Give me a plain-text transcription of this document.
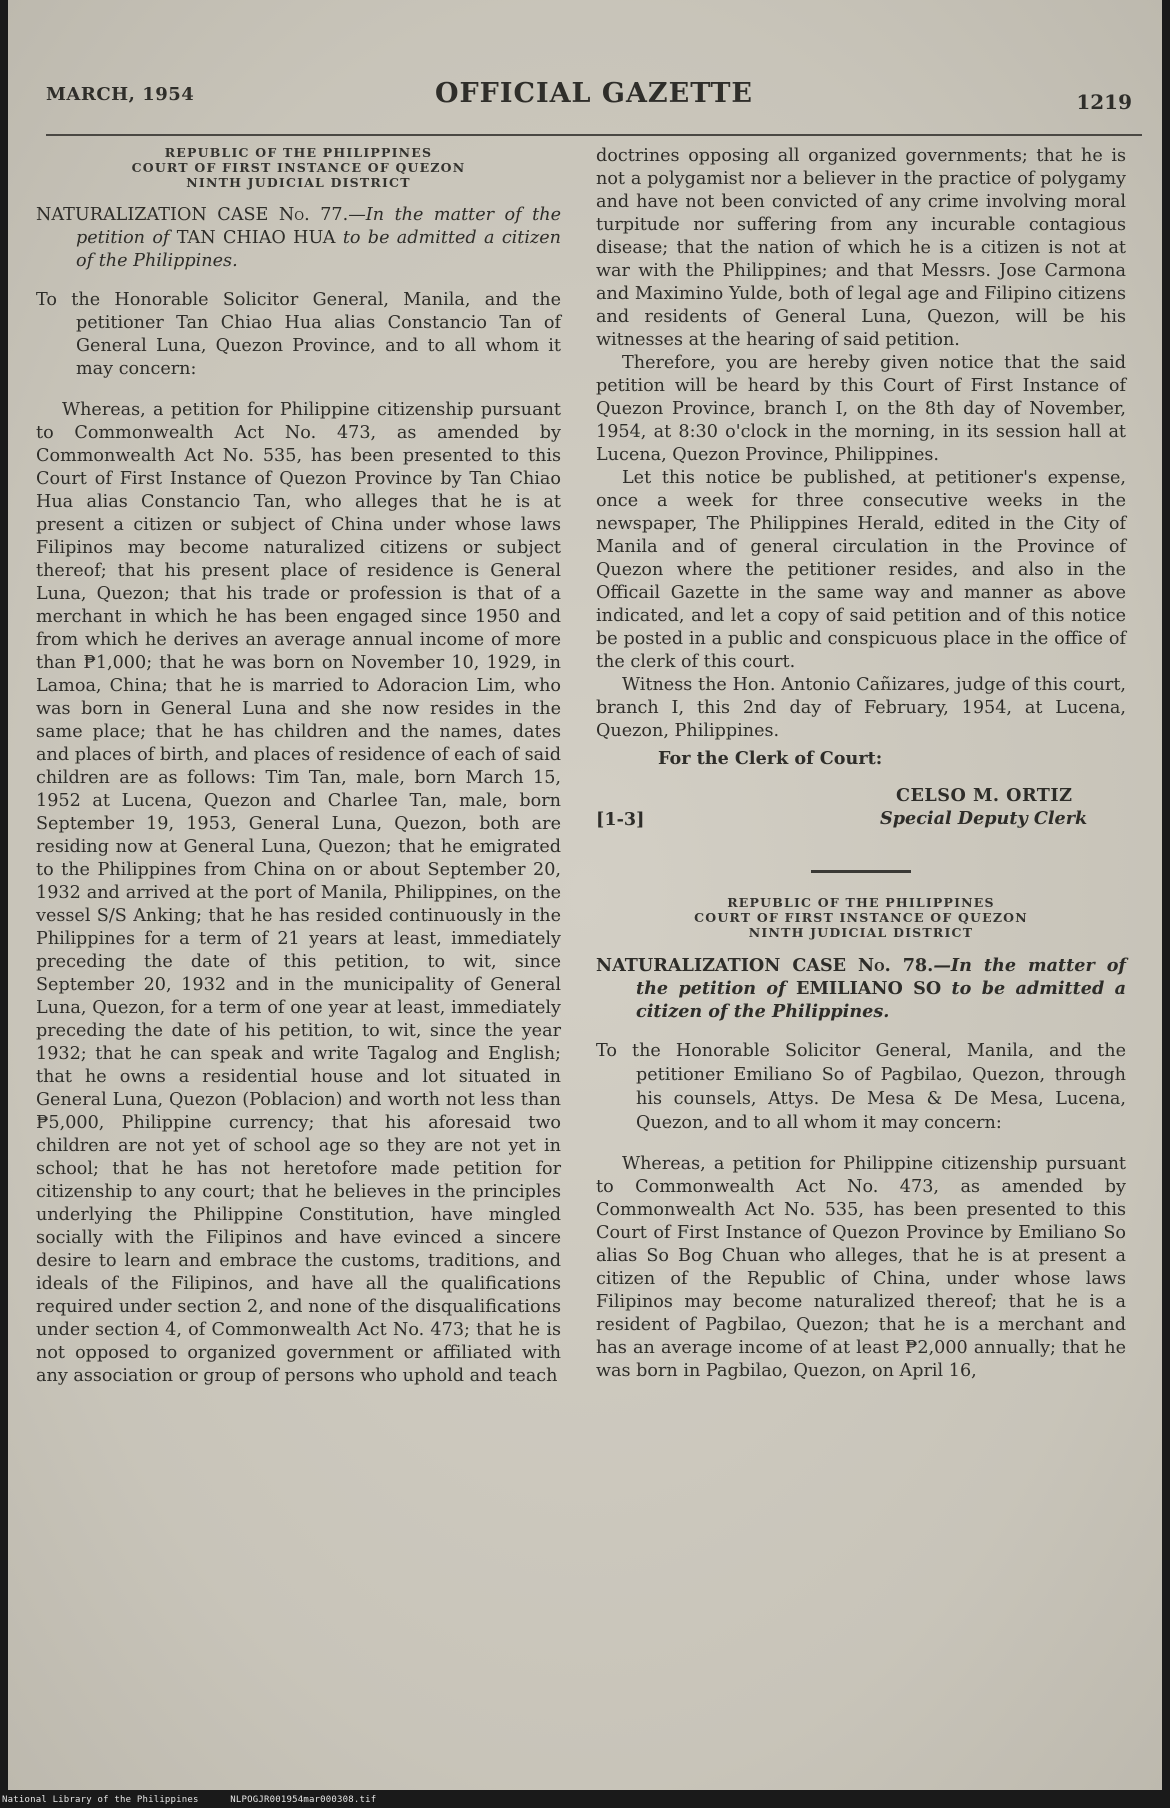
MARCH, 1954	OFFICIAL GAZETTE	1219
REPUBLIC OF THE PHILIPPINES
COURT OF FIRST INSTANCE OF QUEZON
NINTH JUDICIAL DISTRICT
NATURALIZATION CASE No. 77.—In the matter of the petition of TAN CHIAO HUA to be admitted a citizen of the Philippines.
To the Honorable Solicitor General, Manila, and the petitioner Tan Chiao Hua alias Constancio Tan of General Luna, Quezon Province, and to all whom it may concern:

Whereas, a petition for Philippine citizenship pursuant to Commonwealth Act No. 473, as amended by Commonwealth Act No. 535, has been presented to this Court of First Instance of Quezon Province by Tan Chiao Hua alias Constancio Tan, who alleges that he is at present a citizen or subject of China under whose laws Filipinos may become naturalized citizens or subject thereof; that his present place of residence is General Luna, Quezon; that his trade or profession is that of a merchant in which he has been engaged since 1950 and from which he derives an average annual income of more than ₱1,000; that he was born on November 10, 1929, in Lamoa, China; that he is married to Adoracion Lim, who was born in General Luna and she now resides in the same place; that he has children and the names, dates and places of birth, and places of residence of each of said children are as follows: Tim Tan, male, born March 15, 1952 at Lucena, Quezon and Charlee Tan, male, born September 19, 1953, General Luna, Quezon, both are residing now at General Luna, Quezon; that he emigrated to the Philippines from China on or about September 20, 1932 and arrived at the port of Manila, Philippines, on the vessel S/S Anking; that he has resided continuously in the Philippines for a term of 21 years at least, immediately preceding the date of this petition, to wit, since September 20, 1932 and in the municipality of General Luna, Quezon, for a term of one year at least, immediately preceding the date of his petition, to wit, since the year 1932; that he can speak and write Tagalog and English; that he owns a residential house and lot situated in General Luna, Quezon (Poblacion) and worth not less than ₱5,000, Philippine currency; that his aforesaid two children are not yet of school age so they are not yet in school; that he has not heretofore made petition for citizenship to any court; that he believes in the principles underlying the Philippine Constitution, have mingled socially with the Filipinos and have evinced a sincere desire to learn and embrace the customs, traditions, and ideals of the Filipinos, and have all the qualifications required under section 2, and none of the disqualifications under section 4, of Commonwealth Act No. 473; that he is not opposed to organized government or affiliated with any association or group of persons who uphold and teach

doctrines opposing all organized governments; that he is not a polygamist nor a believer in the practice of polygamy and have not been convicted of any crime involving moral turpitude nor suffering from any incurable contagious disease; that the nation of which he is a citizen is not at war with the Philippines; and that Messrs. Jose Carmona and Maximino Yulde, both of legal age and Filipino citizens and residents of General Luna, Quezon, will be his witnesses at the hearing of said petition.

Therefore, you are hereby given notice that the said petition will be heard by this Court of First Instance of Quezon Province, branch I, on the 8th day of November, 1954, at 8:30 o'clock in the morning, in its session hall at Lucena, Quezon Province, Philippines.

Let this notice be published, at petitioner's expense, once a week for three consecutive weeks in the newspaper, The Philippines Herald, edited in the City of Manila and of general circulation in the Province of Quezon where the petitioner resides, and also in the Officail Gazette in the same way and manner as above indicated, and let a copy of said petition and of this notice be posted in a public and conspicuous place in the office of the clerk of this court.

Witness the Hon. Antonio Cañizares, judge of this court, branch I, this 2nd day of February, 1954, at Lucena, Quezon, Philippines.

For the Clerk of Court:
[1-3]
CELSO M. ORTIZ
Special Deputy Clerk
REPUBLIC OF THE PHILIPPINES
COURT OF FIRST INSTANCE OF QUEZON
NINTH JUDICIAL DISTRICT
NATURALIZATION CASE No. 78.—In the matter of the petition of EMILIANO SO to be admitted a citizen of the Philippines.
To the Honorable Solicitor General, Manila, and the petitioner Emiliano So of Pagbilao, Quezon, through his counsels, Attys. De Mesa & De Mesa, Lucena, Quezon, and to all whom it may concern:

Whereas, a petition for Philippine citizenship pursuant to Commonwealth Act No. 473, as amended by Commonwealth Act No. 535, has been presented to this Court of First Instance of Quezon Province by Emiliano So alias So Bog Chuan who alleges, that he is at present a citizen of the Republic of China, under whose laws Filipinos may become naturalized thereof; that he is a resident of Pagbilao, Quezon; that he is a merchant and has an average income of at least ₱2,000 annually; that he was born in Pagbilao, Quezon, on April 16,

National Library of the Philippines	NLPOGJR001954mar000308.tif
